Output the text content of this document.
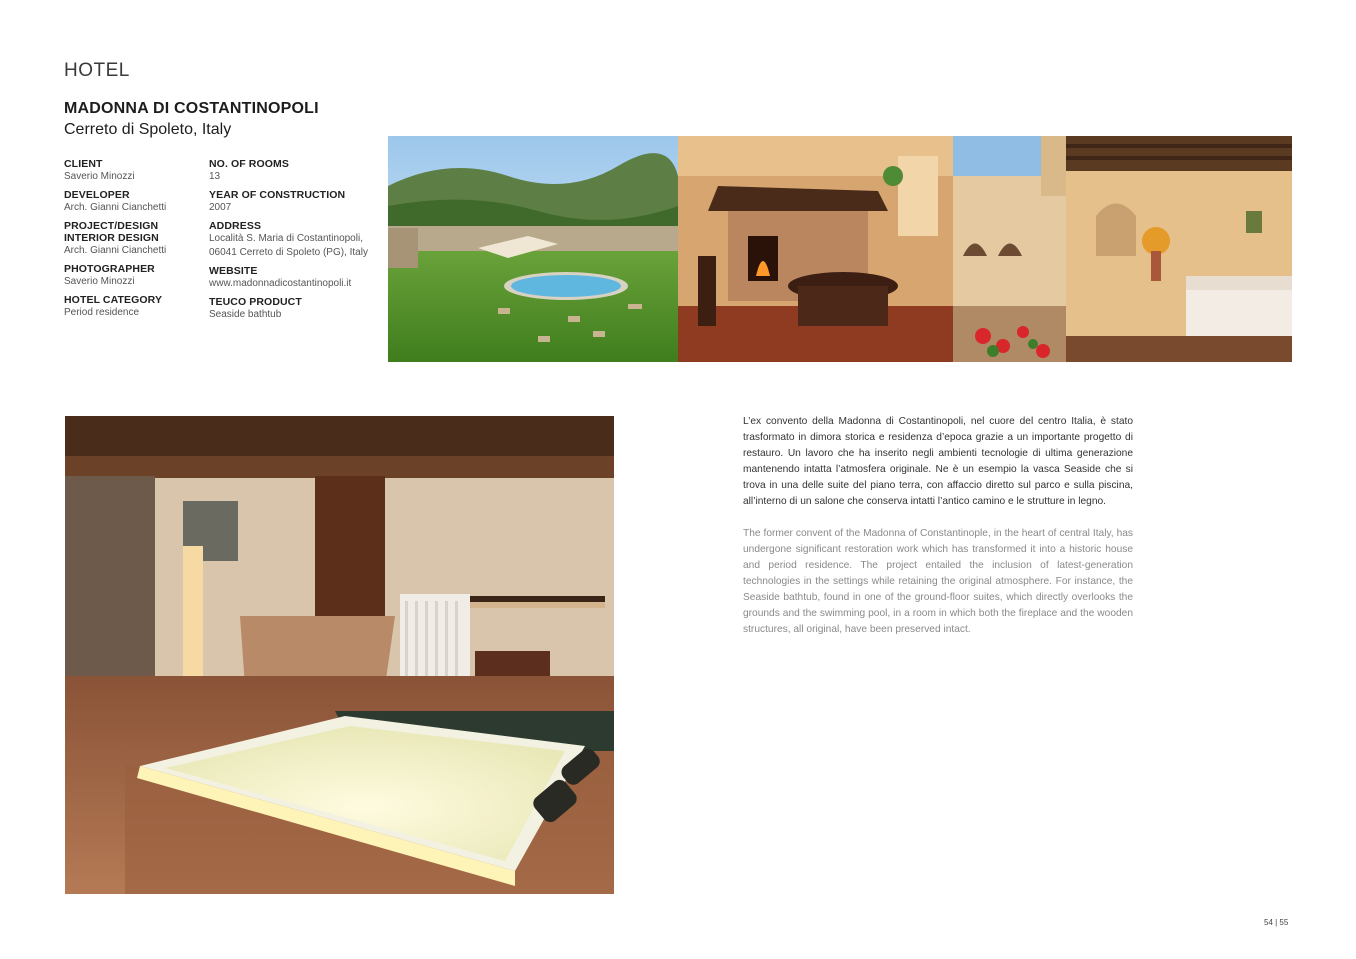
HOTEL
MADONNA DI COSTANTINOPOLI
Cerreto di Spoleto, Italy
CLIENT
Saverio Minozzi
DEVELOPER
Arch. Gianni Cianchetti
PROJECT/DESIGN
INTERIOR DESIGN
Arch. Gianni Cianchetti
PHOTOGRAPHER
Saverio Minozzi
HOTEL CATEGORY
Period residence
NO. OF ROOMS
13
YEAR OF CONSTRUCTION
2007
ADDRESS
Località S. Maria di Costantinopoli,
06041 Cerreto di Spoleto (PG), Italy
WEBSITE
www.madonnadicostantinopoli.it
TEUCO PRODUCT
Seaside bathtub
L’ex convento della Madonna di Costantinopoli, nel cuore del centro Italia, è stato trasformato in dimora storica e residenza d’epoca grazie a un importante progetto di restauro. Un lavoro che ha inserito negli ambienti tecnologie di ultima generazione mantenendo intatta l’atmosfera originale. Ne è un esempio la vasca Seaside che si trova in una delle suite del piano terra, con affaccio diretto sul parco e sulla piscina, all’interno di un salone che conserva intatti l’antico camino e le strutture in legno.
The former convent of the Madonna of Constantinople, in the heart of central Italy, has undergone significant restoration work which has transformed it into a historic house and period residence. The project entailed the inclusion of latest-generation technologies in the settings while retaining the original atmosphere. For instance, the Seaside bathtub, found in one of the ground-floor suites, which directly overlooks the grounds and the swimming pool, in a room in which both the fireplace and the wooden structures, all original, have been preserved intact.
54 | 55
